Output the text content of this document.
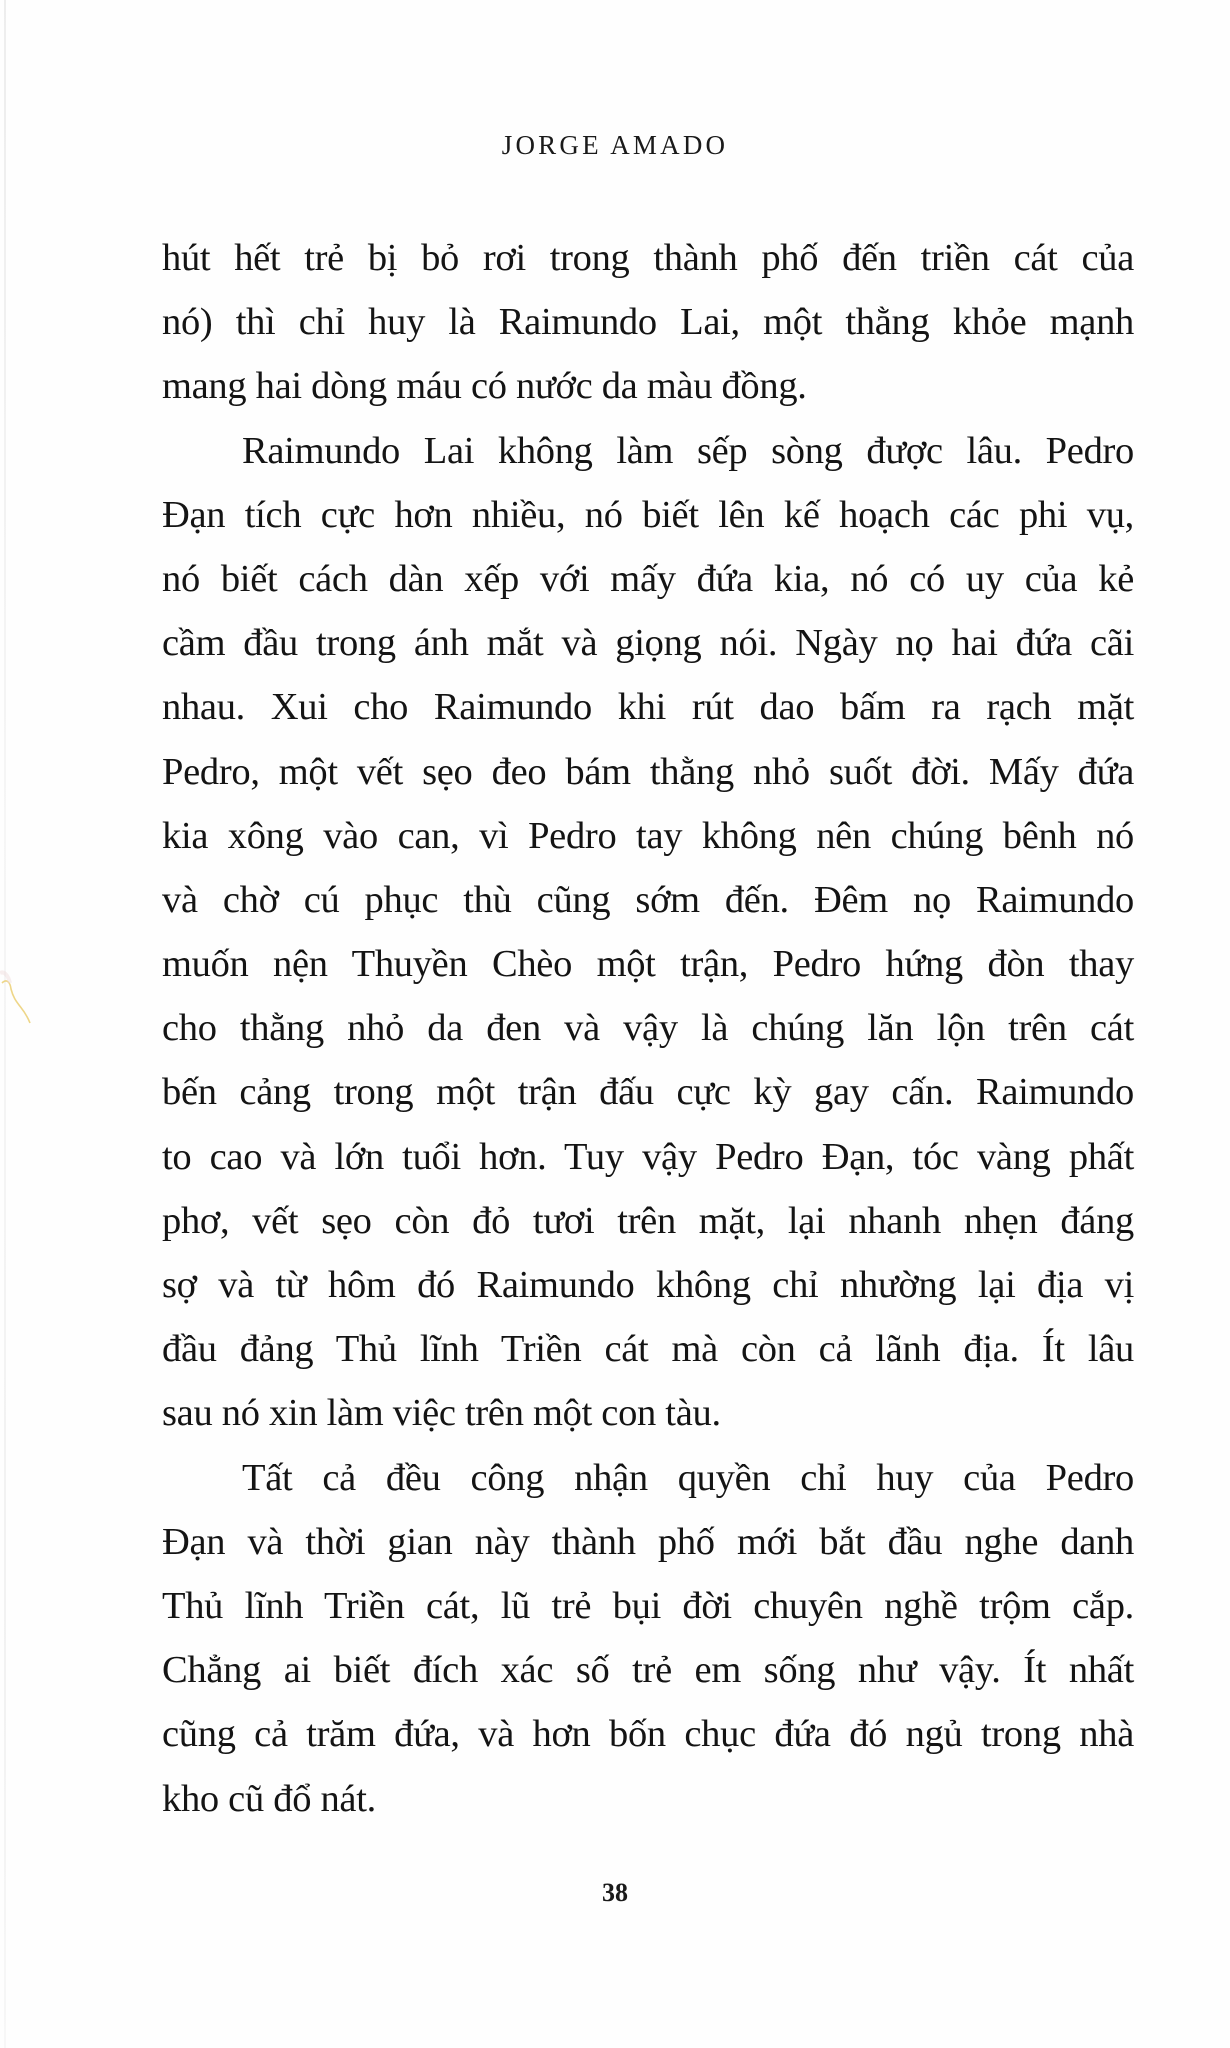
JORGE AMADO
hút hết trẻ bị bỏ rơi trong thành phố đến triền cát của
nó) thì chỉ huy là Raimundo Lai, một thằng khỏe mạnh
mang hai dòng máu có nước da màu đồng.
Raimundo Lai không làm sếp sòng được lâu. Pedro
Đạn tích cực hơn nhiều, nó biết lên kế hoạch các phi vụ,
nó biết cách dàn xếp với mấy đứa kia, nó có uy của kẻ
cầm đầu trong ánh mắt và giọng nói. Ngày nọ hai đứa cãi
nhau. Xui cho Raimundo khi rút dao bấm ra rạch mặt
Pedro, một vết sẹo đeo bám thằng nhỏ suốt đời. Mấy đứa
kia xông vào can, vì Pedro tay không nên chúng bênh nó
và chờ cú phục thù cũng sớm đến. Đêm nọ Raimundo
muốn nện Thuyền Chèo một trận, Pedro hứng đòn thay
cho thằng nhỏ da đen và vậy là chúng lăn lộn trên cát
bến cảng trong một trận đấu cực kỳ gay cấn. Raimundo
to cao và lớn tuổi hơn. Tuy vậy Pedro Đạn, tóc vàng phất
phơ, vết sẹo còn đỏ tươi trên mặt, lại nhanh nhẹn đáng
sợ và từ hôm đó Raimundo không chỉ nhường lại địa vị
đầu đảng Thủ lĩnh Triền cát mà còn cả lãnh địa. Ít lâu
sau nó xin làm việc trên một con tàu.
Tất cả đều công nhận quyền chỉ huy của Pedro
Đạn và thời gian này thành phố mới bắt đầu nghe danh
Thủ lĩnh Triền cát, lũ trẻ bụi đời chuyên nghề trộm cắp.
Chẳng ai biết đích xác số trẻ em sống như vậy. Ít nhất
cũng cả trăm đứa, và hơn bốn chục đứa đó ngủ trong nhà
kho cũ đổ nát.
38
